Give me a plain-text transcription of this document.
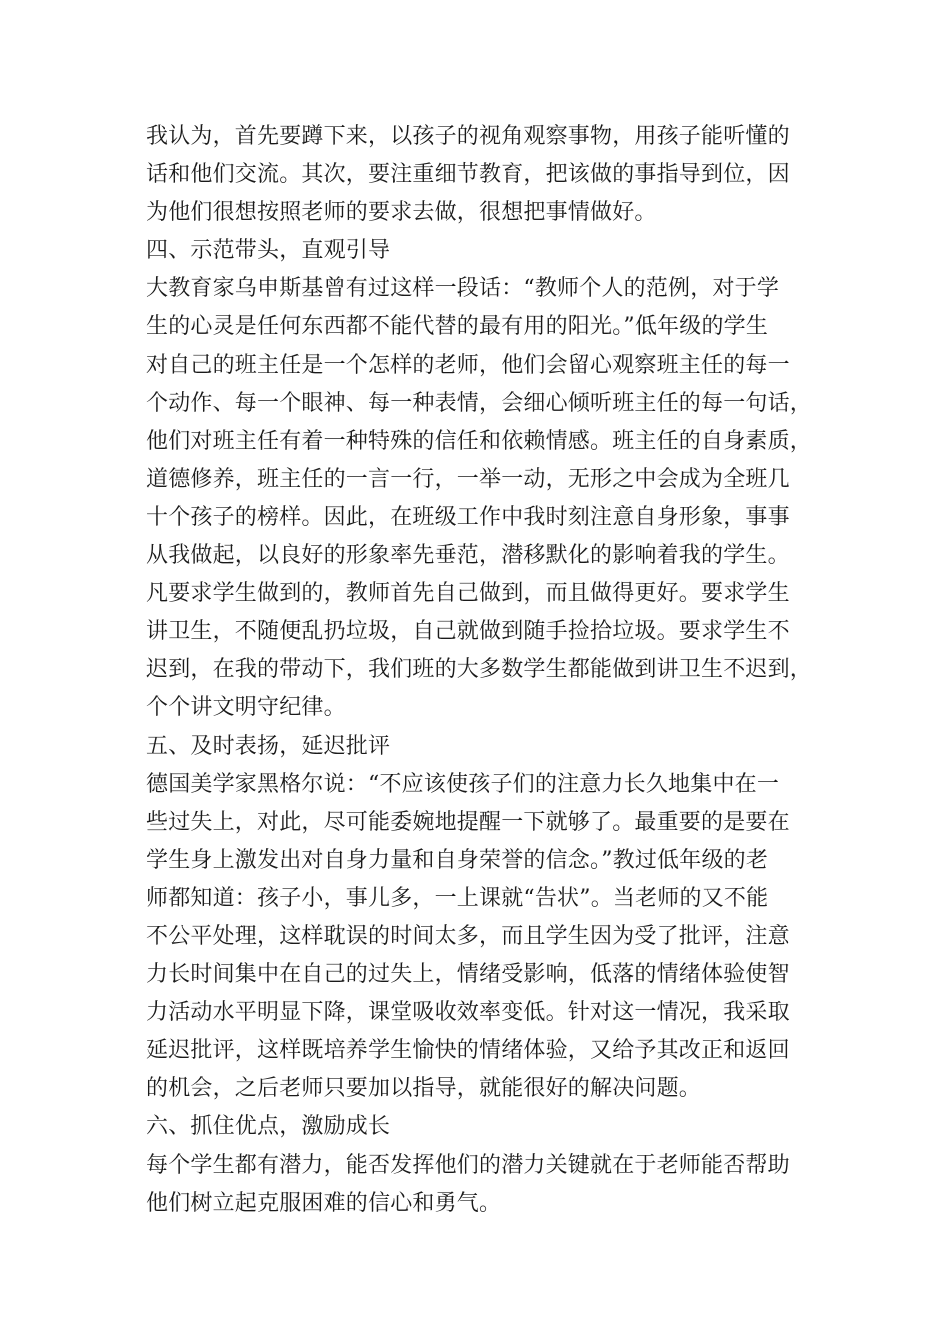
我认为，首先要蹲下来，以孩子的视角观察事物，用孩子能听懂的
话和他们交流。其次，要注重细节教育，把该做的事指导到位，因
为他们很想按照老师的要求去做，很想把事情做好。
四、示范带头，直观引导
大教育家乌申斯基曾有过这样一段话：“教师个人的范例，对于学
生的心灵是任何东西都不能代替的最有用的阳光。”低年级的学生
对自己的班主任是一个怎样的老师，他们会留心观察班主任的每一
个动作、每一个眼神、每一种表情，会细心倾听班主任的每一句话，
他们对班主任有着一种特殊的信任和依赖情感。班主任的自身素质，
道德修养，班主任的一言一行，一举一动，无形之中会成为全班几
十个孩子的榜样。因此，在班级工作中我时刻注意自身形象，事事
从我做起，以良好的形象率先垂范，潜移默化的影响着我的学生。
凡要求学生做到的，教师首先自己做到，而且做得更好。要求学生
讲卫生，不随便乱扔垃圾，自己就做到随手捡拾垃圾。要求学生不
迟到，在我的带动下，我们班的大多数学生都能做到讲卫生不迟到，
个个讲文明守纪律。
五、及时表扬，延迟批评
德国美学家黑格尔说：“不应该使孩子们的注意力长久地集中在一
些过失上，对此，尽可能委婉地提醒一下就够了。最重要的是要在
学生身上激发出对自身力量和自身荣誉的信念。”教过低年级的老
师都知道：孩子小，事儿多，一上课就“告状”。当老师的又不能
不公平处理，这样耽误的时间太多，而且学生因为受了批评，注意
力长时间集中在自己的过失上，情绪受影响，低落的情绪体验使智
力活动水平明显下降，课堂吸收效率变低。针对这一情况，我采取
延迟批评，这样既培养学生愉快的情绪体验，又给予其改正和返回
的机会，之后老师只要加以指导，就能很好的解决问题。
六、抓住优点，激励成长
每个学生都有潜力，能否发挥他们的潜力关键就在于老师能否帮助
他们树立起克服困难的信心和勇气。
